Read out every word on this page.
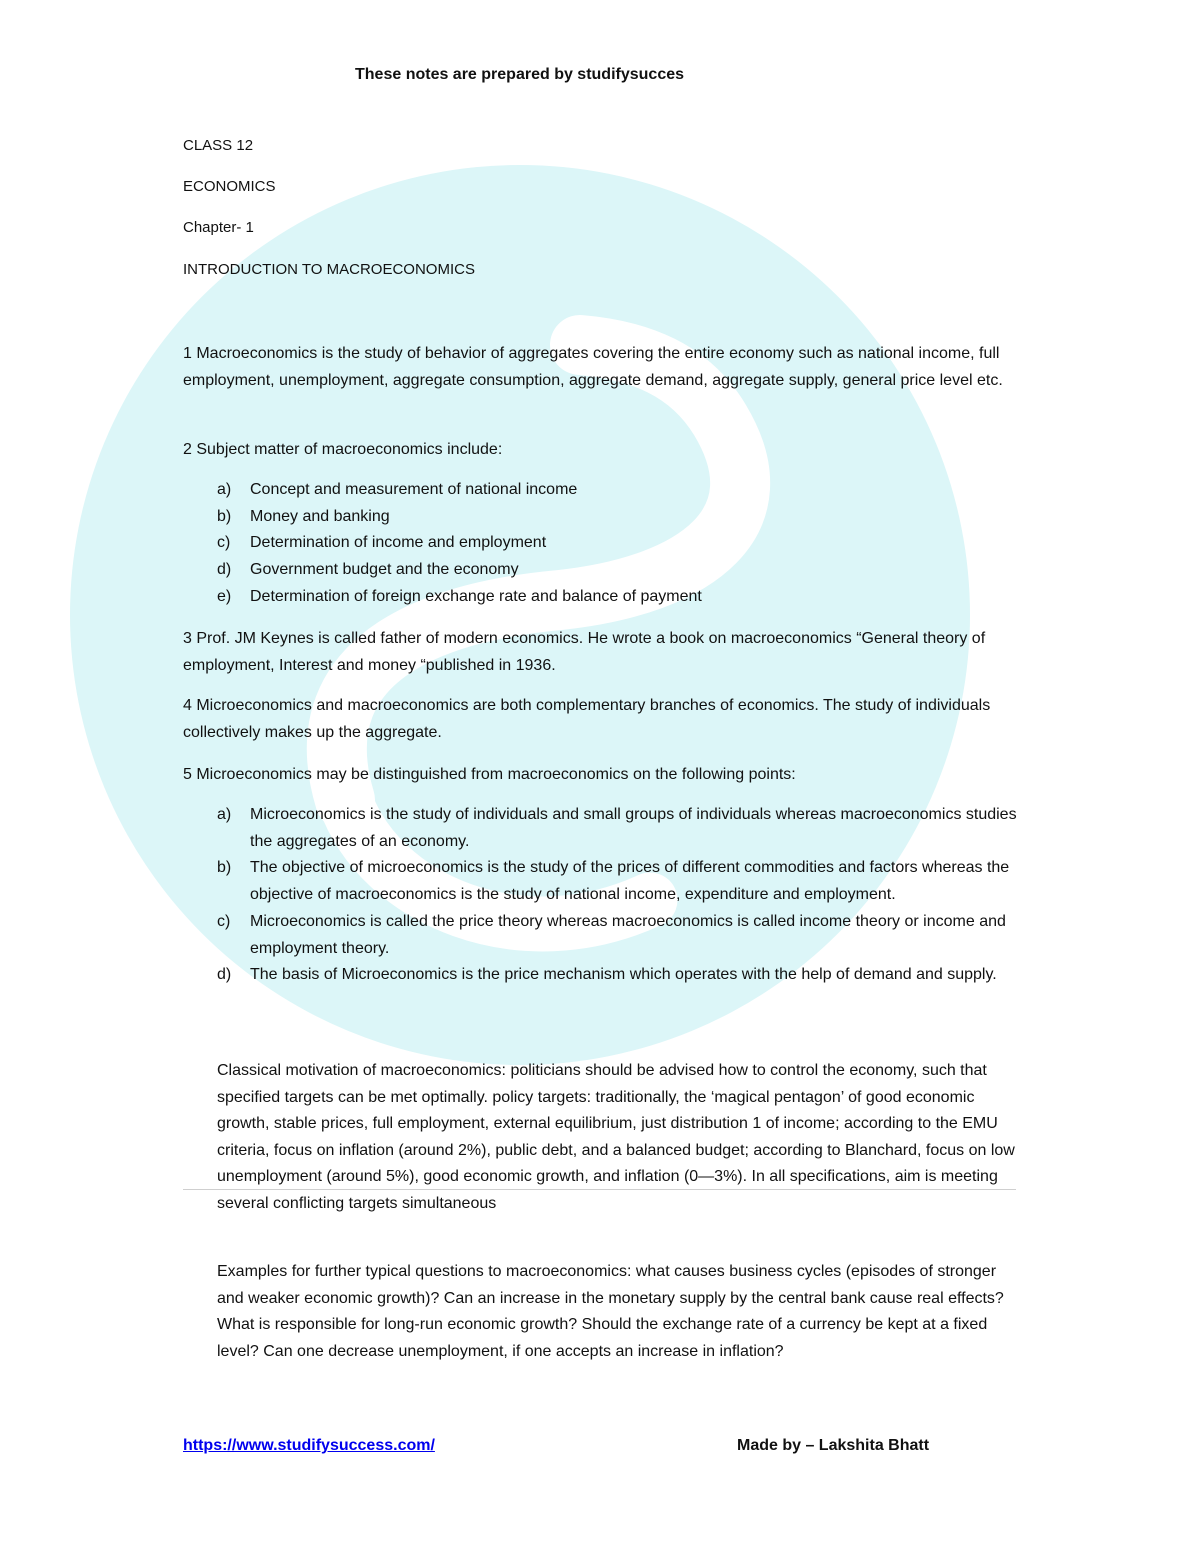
These notes are prepared by studifysucces
CLASS 12
ECONOMICS
Chapter- 1
INTRODUCTION TO MACROECONOMICS
1 Macroeconomics is the study of behavior of aggregates covering the entire economy such as national income, full employment, unemployment, aggregate consumption, aggregate demand, aggregate supply, general price level etc.
2 Subject matter of macroeconomics include:
a) Concept and measurement of national income
b) Money and banking
c) Determination of income and employment
d) Government budget and the economy
e) Determination of foreign exchange rate and balance of payment
3 Prof. JM Keynes is called father of modern economics. He wrote a book on macroeconomics “General theory of employment, Interest and money “published in 1936.
4 Microeconomics and macroeconomics are both complementary branches of economics. The study of individuals collectively makes up the aggregate.
5 Microeconomics may be distinguished from macroeconomics on the following points:
a) Microeconomics is the study of individuals and small groups of individuals whereas macroeconomics studies the aggregates of an economy.
b) The objective of microeconomics is the study of the prices of different commodities and factors whereas the objective of macroeconomics is the study of national income, expenditure and employment.
c) Microeconomics is called the price theory whereas macroeconomics is called income theory or income and employment theory.
d) The basis of Microeconomics is the price mechanism which operates with the help of demand and supply.
Classical motivation of macroeconomics: politicians should be advised how to control the economy, such that specified targets can be met optimally. policy targets: traditionally, the ‘magical pentagon’ of good economic growth, stable prices, full employment, external equilibrium, just distribution 1 of income; according to the EMU criteria, focus on inflation (around 2%), public debt, and a balanced budget; according to Blanchard, focus on low unemployment (around 5%), good economic growth, and inflation (0—3%). In all specifications, aim is meeting several conflicting targets simultaneous
Examples for further typical questions to macroeconomics: what causes business cycles (episodes of stronger and weaker economic growth)? Can an increase in the monetary supply by the central bank cause real effects? What is responsible for long-run economic growth? Should the exchange rate of a currency be kept at a fixed level? Can one decrease unemployment, if one accepts an increase in inflation?
https://www.studifysuccess.com/	Made by – Lakshita Bhatt
